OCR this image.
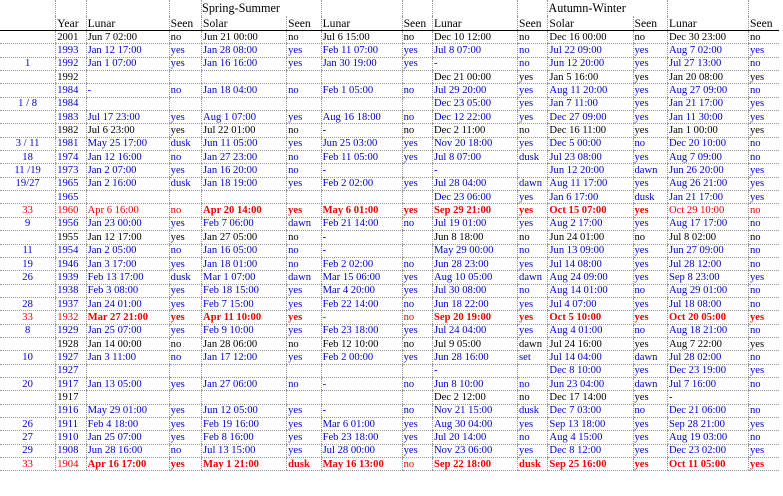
				Spring-Summer						Autumn-Winter			
	Year	Lunar	Seen	Solar	Seen	Lunar	Seen	Lunar	Seen	Solar	Seen	Lunar	Seen
	2001	Jun 7 02:00	no	Jun 21 00:00	no	Jul 6 15:00	no	Dec 10 12:00	no	Dec 16 00:00	no	Dec 30 23:00	no
	1993	Jan 12 17:00	yes	Jan 28 08:00	yes	Feb 11 07:00	yes	Jul 8 07:00	no	Jul 22 09:00	yes	Aug 7 02:00	yes
1	1992	Jan 1 07:00	yes	Jan 16 16:00	yes	Jan 30 19:00	yes	-	no	Jun 12 20:00	yes	Jul 27 13:00	no
	1992							Dec 21 00:00	yes	Jan 5 16:00	yes	Jan 20 08:00	yes
	1984	-	no	Jan 18 04:00	no	Feb 1 05:00	no	Jul 29 20:00	yes	Aug 11 20:00	yes	Aug 27 09:00	no
1 / 8	1984							Dec 23 05:00	yes	Jan 7 11:00	yes	Jan 21 17:00	yes
	1983	Jul 17 23:00	yes	Aug 1 07:00	yes	Aug 16 18:00	no	Dec 12 22:00	yes	Dec 27 09:00	yes	Jan 11 30:00	yes
	1982	Jul 6 23:00	yes	Jul 22 01:00	no	-	no	Dec 2 11:00	no	Dec 16 11:00	yes	Jan 1 00:00	yes
3 / 11	1981	May 25 17:00	dusk	Jun 11 05:00	yes	Jun 25 03:00	yes	Nov 20 18:00	yes	Dec 5 00:00	no	Dec 20 10:00	no
18	1974	Jan 12 16:00	no	Jan 27 23:00	no	Feb 11 05:00	yes	Jul 8 07:00	dusk	Jul 23 08:00	yes	Aug 7 09:00	no
11 /19	1973	Jan 2 07:00	yes	Jan 16 20:00	no	-		-		Jun 12 20:00	dawn	Jun 26 20:00	yes
19/27	1965	Jan 2 16:00	dusk	Jan 18 19:00	yes	Feb 2 02:00	yes	Jul 28 04:00	dawn	Aug 11 17:00	yes	Aug 26 21:00	yes
	1965							Dec 23 06:00	yes	Jan 6 17:00	dusk	Jan 21 17:00	yes
33	1960	Apr 6 16:00	no	Apr 20 14:00	yes	May 6 01:00	yes	Sep 29 21:00	yes	Oct 15 07:00	yes	Oct 29 10:00	no
9	1956	Jan 23 00:00	yes	Feb 7 06:00	dawn	Feb 21 14:00	no	Jul 19 01:00	yes	Aug 2 17:00	yes	Aug 17 17:00	no
	1955	Jan 12 17:00	yes	Jan 27 05:00	no	-		Jun 8 18:00	no	Jun 24 01:00	no	Jul 8 02:00	no
11	1954	Jan 2 05:00	no	Jan 16 05:00	no	-		May 29 00:00	no	Jun 13 09:00	yes	Jun 27 09:00	no
19	1946	Jan 3 17:00	yes	Jan 18 01:00	no	Feb 2 02:00	no	Jun 28 23:00	yes	Jul 14 08:00	yes	Jul 28 12:00	no
26	1939	Feb 13 17:00	dusk	Mar 1 07:00	dawn	Mar 15 06:00	yes	Aug 10 05:00	dawn	Aug 24 09:00	yes	Sep 8 23:00	yes
	1938	Feb 3 08:00	yes	Feb 18 15:00	yes	Mar 4 20:00	yes	Jul 30 08:00	no	Aug 14 01:00	no	Aug 29 01:00	no
28	1937	Jan 24 01:00	yes	Feb 7 15:00	yes	Feb 22 14:00	no	Jun 18 22:00	yes	Jul 4 07:00	yes	Jul 18 08:00	no
33	1932	Mar 27 21:00	yes	Apr 11 10:00	yes	-	no	Sep 20 19:00	yes	Oct 5 10:00	yes	Oct 20 05:00	yes
8	1929	Jan 25 07:00	yes	Feb 9 10:00	yes	Feb 23 18:00	yes	Jul 24 04:00	yes	Aug 4 01:00	no	Aug 18 21:00	no
	1928	Jan 14 00:00	no	Jan 28 06:00	no	Feb 12 10:00	no	Jul 9 05:00	dawn	Jul 24 16:00	yes	Aug 7 22:00	yes
10	1927	Jan 3 11:00	no	Jan 17 12:00	yes	Feb 2 00:00	yes	Jun 28 16:00	set	Jul 14 04:00	dawn	Jul 28 02:00	no
	1927							-		Dec 8 10:00	yes	Dec 23 19:00	yes
20	1917	Jan 13 05:00	yes	Jan 27 06:00	no	-	no	Jun 8 10:00	no	Jun 23 04:00	dawn	Jul 7 16:00	no
	1917							Dec 2 12:00	no	Dec 17 14:00	yes	-	
	1916	May 29 01:00	yes	Jun 12 05:00	yes	-	no	Nov 21 15:00	dusk	Dec 7 03:00	no	Dec 21 06:00	no
26	1911	Feb 4 18:00	yes	Feb 19 16:00	yes	Mar 6 01:00	yes	Aug 30 04:00	yes	Sep 13 18:00	yes	Sep 28 21:00	yes
27	1910	Jan 25 07:00	yes	Feb 8 16:00	yes	Feb 23 18:00	yes	Jul 20 14:00	no	Aug 4 15:00	yes	Aug 19 03:00	no
29	1908	Jun 28 16:00	no	Jul 13 15:00	yes	Jul 28 00:00	yes	Nov 23 06:00	yes	Dec 8 12:00	yes	Dec 23 02:00	yes
33	1904	Apr 16 17:00	yes	May 1 21:00	dusk	May 16 13:00	no	Sep 22 18:00	dusk	Sep 25 16:00	yes	Oct 11 05:00	yes
